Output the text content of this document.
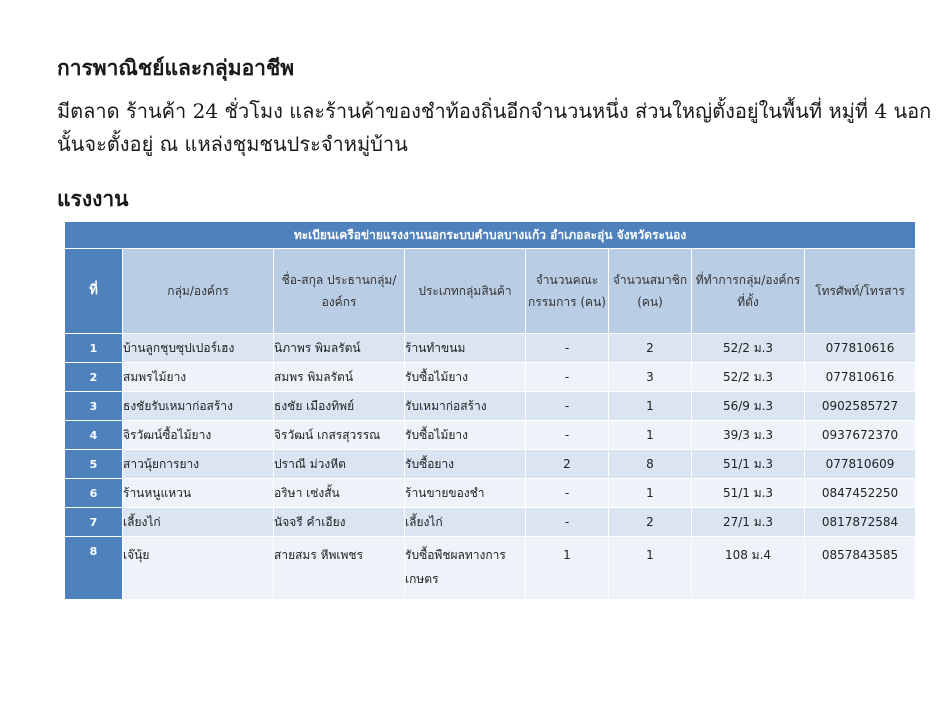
การพาณิชย์และกลุ่มอาชีพ
มีตลาด ร้านค้า 24 ชั่วโมง และร้านค้าของชำท้องถิ่นอีกจำนวนหนึ่ง ส่วนใหญ่ตั้งอยู่ในพื้นที่ หมู่ที่ 4 นอกนั้นจะตั้งอยู่ ณ แหล่งชุมชนประจำหมู่บ้าน
แรงงาน
ทะเบียนเครือข่ายแรงงานนอกระบบตำบลบางแก้ว อำเภอละอุ่น จังหวัดระนอง							
ที่	กลุ่ม/องค์กร	ชื่อ-สกุล ประธานกลุ่ม/องค์กร	ประเภทกลุ่มสินค้า	จำนวนคณะกรรมการ (คน)	จำนวนสมาชิก (คน)	ที่ทำการกลุ่ม/องค์กร ที่ตั้ง	โทรศัพท์/โทรสาร
1	บ้านลูกชุบซุปเปอร์เฮง	นิภาพร พิมลรัตน์	ร้านทำขนม	-	2	52/2 ม.3	077810616
2	สมพรไม้ยาง	สมพร พิมลรัตน์	รับซื้อไม้ยาง	-	3	52/2 ม.3	077810616
3	ธงชัยรับเหมาก่อสร้าง	ธงชัย เมืองทิพย์	รับเหมาก่อสร้าง	-	1	56/9 ม.3	0902585727
4	จิรวัฒน์ซื้อไม้ยาง	จิรวัฒน์ เกสรสุวรรณ	รับซื้อไม้ยาง	-	1	39/3 ม.3	0937672370
5	สาวนุ้ยการยาง	ปราณี ม่วงหีต	รับซื้อยาง	2	8	51/1 ม.3	077810609
6	ร้านหนูแหวน	อริษา เซ่งสั้น	ร้านขายของชำ	-	1	51/1 ม.3	0847452250
7	เลี้ยงไก่	นัจจรี คำเอียง	เลี้ยงไก่	-	2	27/1 ม.3	0817872584
8	เจ๊นุ้ย	สายสมร หีพเพชร	รับซื้อพืชผลทางการเกษตร	1	1	108 ม.4	0857843585
